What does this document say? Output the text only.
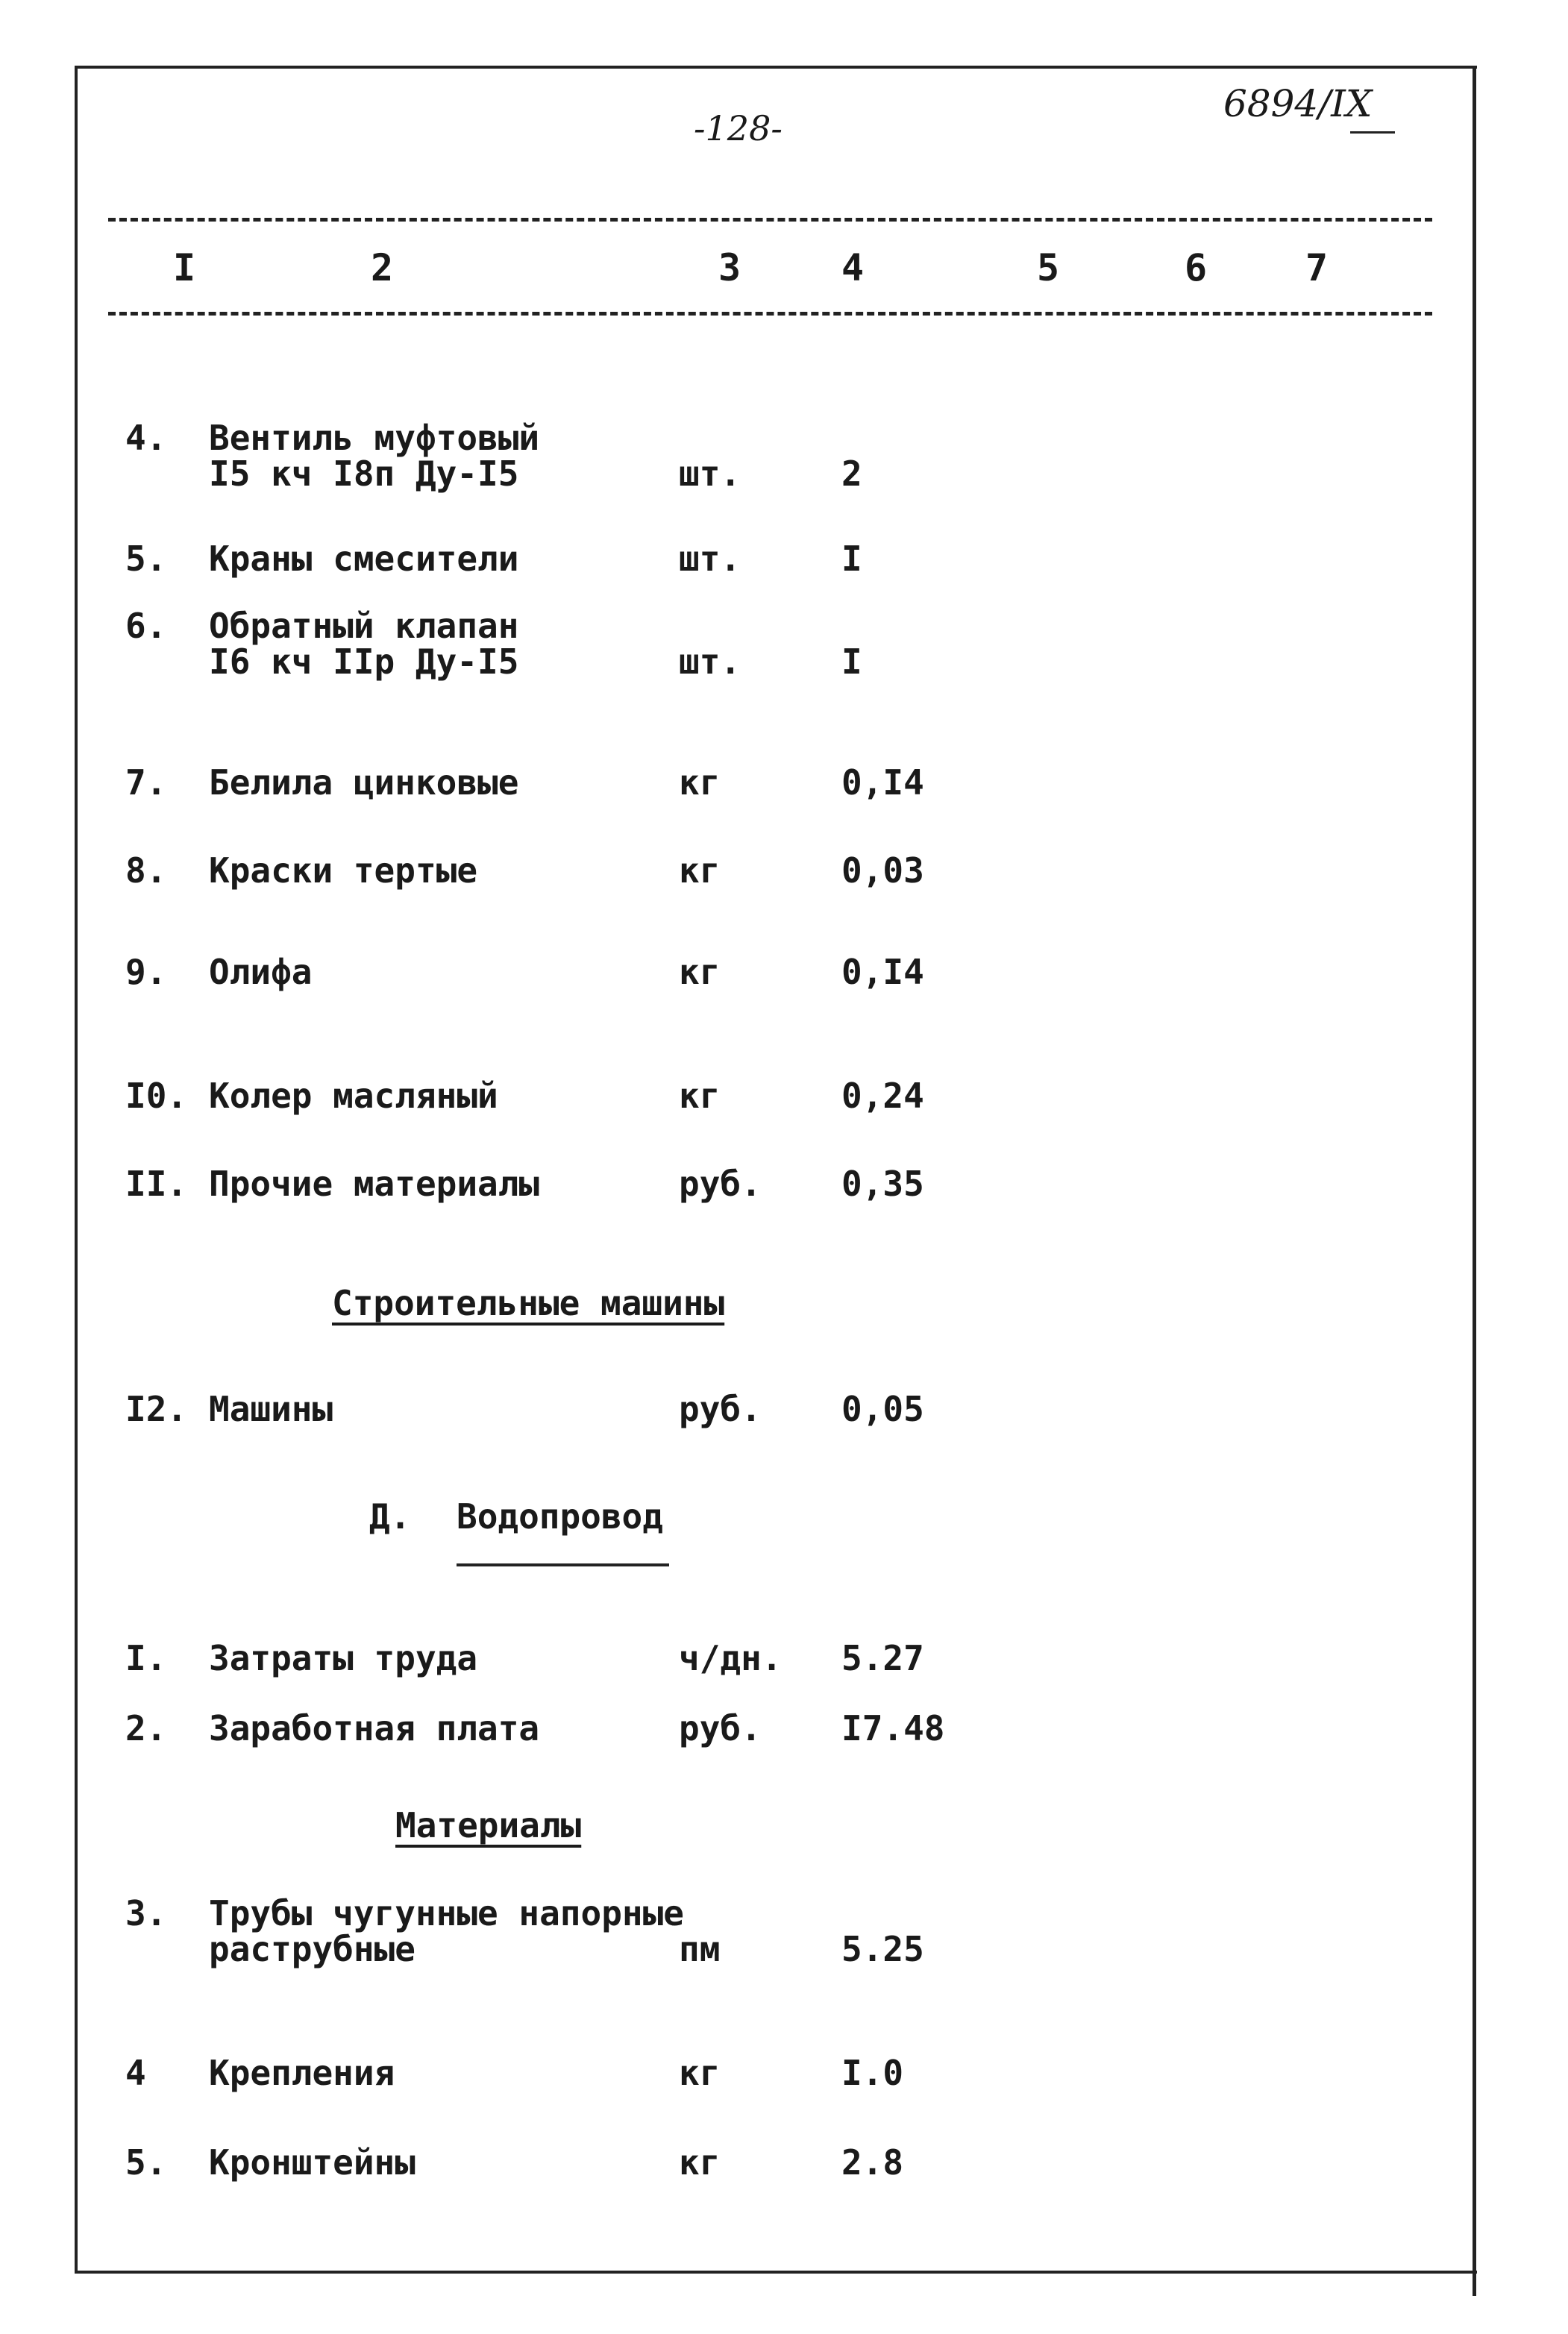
-128-
6894/IX
I	2	3	4	5	6	7
4. Вентиль муфтовый
I5 кч I8п Ду-I5	шт.	2
5. Краны смесители	шт.	I
6. Обратный клапан
I6 кч IIр Ду-I5	шт.	I
7. Белила цинковые	кг	0,I4
8. Краски тертые	кг	0,03
9. Олифа	кг	0,I4
I0. Колер масляный	кг	0,24
II. Прочие материалы	руб. 0,35
Строительные машины
I2. Машины	руб. 0,05
Д. Водопровод
I. Затраты труда	ч/дн. 5.27
2. Заработная плата	руб. I7.48
Материалы
3. Трубы чугунные напорные
раструбные	пм	5.25
4 Крепления	кг	I.0
5. Кронштейны	кг	2.8
